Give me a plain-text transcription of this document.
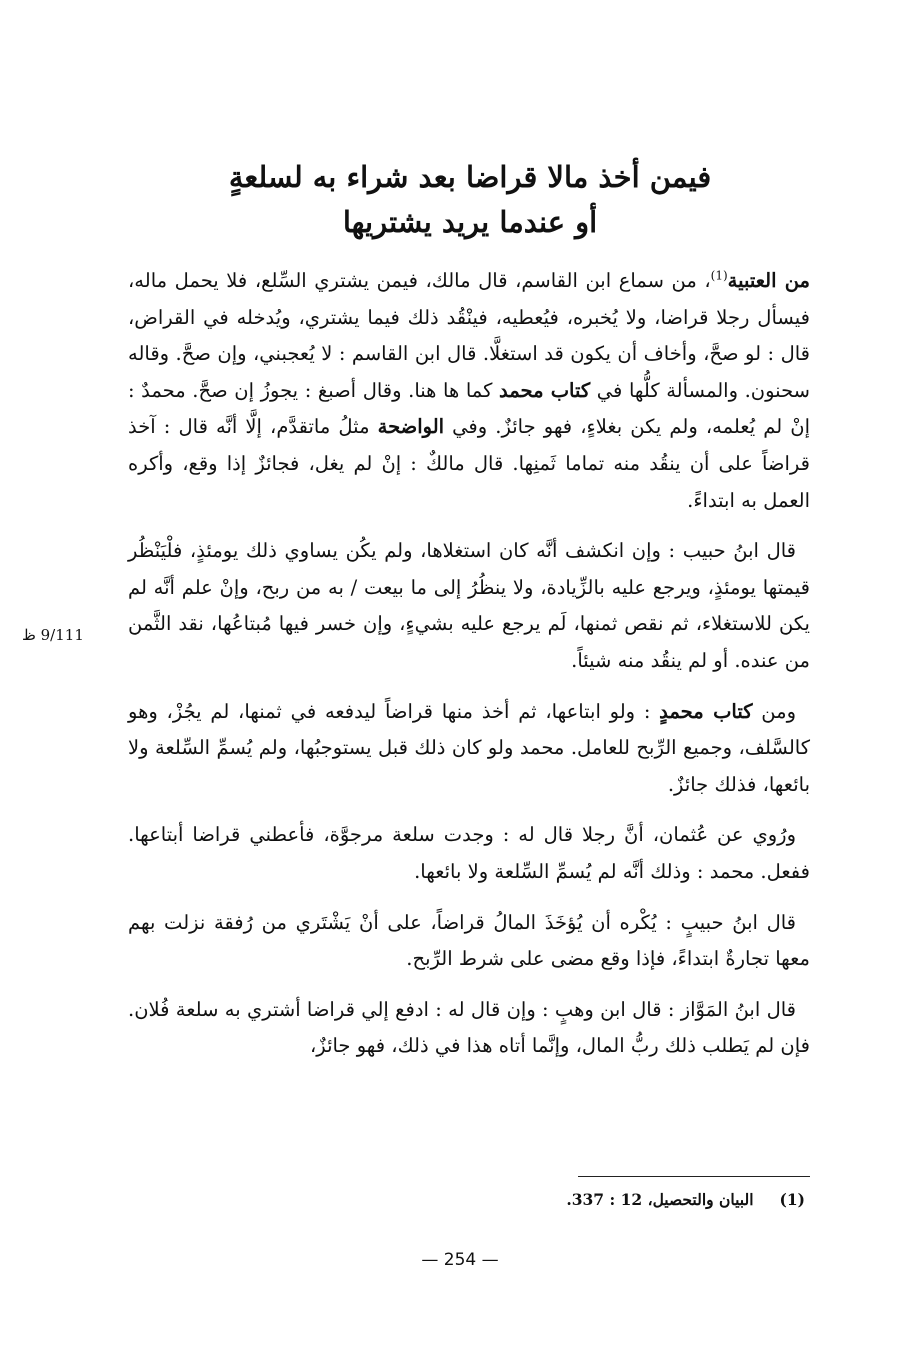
فيمن أخذ مالا قراضا بعد شراء به لسلعةٍ
أو عندما يريد يشتريها

من العتبية$^{(1)}$، من سماع ابن القاسم، قال مالك، فيمن يشتري السِّلع، فلا يحمل ماله، فيسأل رجلا قراضا، ولا يُخبره، فيُعطيه، فينْقُد ذلك فيما يشتري، ويُدخله في القراض، قال : لو صحَّ، وأخاف أن يكون قد استغلَّا. قال ابن القاسم : لا يُعجبني، وإن صحَّ. وقاله سحنون. والمسألة كلُّها في كتاب محمد كما ها هنا. وقال أصبغ : يجوزُ إن صحَّ. محمدٌ : إنْ لم يُعلمه، ولم يكن بغلاءٍ، فهو جائزٌ. وفي الواضحة مثلُ ماتقدَّم، إلَّا أنَّه قال : آخذ قراضاً على أن ينقُد منه تماما ثَمنِها. قال مالكٌ : إنْ لم يغل، فجائزٌ إذا وقع، وأكره العمل به ابتداءً.

قال ابنُ حبيب : وإن انكشف أنَّه كان استغلاها، ولم يكُن يساوي ذلك يومئذٍ، فلْيَنْظُر قيمتها يومئذٍ، ويرجع عليه بالزِّيادة، ولا ينظُرُ إلى ما بيعت / به من ربح، وإنْ علم أنَّه لم يكن للاستغلاء، ثم نقص ثمنها، لَم يرجع عليه بشيءٍ، وإن خسر فيها مُبتاعُها، نقد الثَّمن من عنده. أو لم ينقُد منه شيئاً.

ومن كتاب محمدٍ : ولو ابتاعها، ثم أخذ منها قراضاً ليدفعه في ثمنها، لم يجُزْ، وهو كالسَّلف، وجميع الرِّبح للعامل. محمد ولو كان ذلك قبل يستوجبُها، ولم يُسمِّ السِّلعة ولا بائعها، فذلك جائزٌ.

ورُوي عن عُثمان، أنَّ رجلا قال له : وجدت سلعة مرجوَّة، فأعطني قراضا أبتاعها. ففعل. محمد : وذلك أنَّه لم يُسمِّ السِّلعة ولا بائعها.

قال ابنُ حبيبٍ : يُكْره أن يُؤخَذَ المالُ قراضاً، على أنْ يَشْتَري من رُفقة نزلت بهم معها تجارةٌ ابتداءً، فإذا وقع مضى على شرط الرِّبح.

قال ابنُ المَوَّاز : قال ابن وهبٍ : وإن قال له : ادفع إلي قراضا أشتري به سلعة فُلان. فإن لم يَطلب ذلك ربُّ المال، وإنَّما أتاه هذا في ذلك، فهو جائزٌ،

9/111 ظ
(1)البيان والتحصيل، 12 : 337.
— 254 —
